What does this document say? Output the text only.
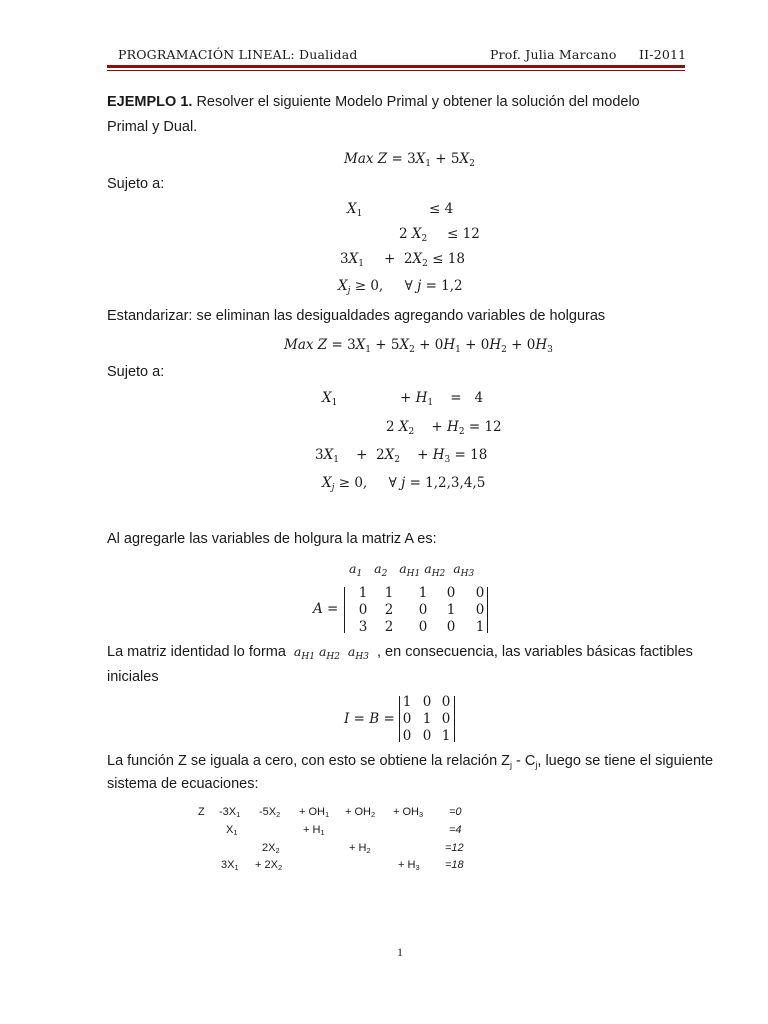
PROGRAMACIÓN LINEAL: Dualidad	Prof. Julia Marcano II-2011
EJEMPLO 1. Resolver el siguiente Modelo Primal y obtener la solución del modelo
Primal y Dual.
Max $Z = 3X_1 + 5X_2$
Sujeto a:
$X_1$	≤ 4
2 $X_2 \le 12$
$3X_1 + 2X_2 \le 18$
$X_j \ge 0$,     ∀ j = 1,2
Estandarizar: se eliminan las desigualdades agregando variables de holguras
Max $Z = 3X_1 + 5X_2 + 0H_1 + 0H_2 + 0H_3$
Sujeto a:
$X_1$	+ $H_1$    =   4
2 $X_2$    + $H_2 = 12$
$3X_1$    +  $2X_2$    + $H_3 = 18$
$X_j \ge 0$,     ∀ j = 1,2,3,4,5
Al agregarle las variables de holgura la matriz A es:
$a_1$   $a_2$   $a_{H1}$ $a_{H2}$  $a_{H3}$
A =
1 1 1 0 0
0 2 0 1 0
3 2 0 0 1
La matriz identidad lo forma  $a_{H1}$ $a_{H2}$  $a_{H3}$ , en consecuencia, las variables básicas factibles
iniciales
I = B =
1 0 0
0 1 0
0 0 1
La función Z se iguala a cero, con esto se obtiene la relación $Z_j - C_j$, luego se tiene el siguiente
sistema de ecuaciones:
Z $-3X_1$ $-5X_2 + OH_1 + OH_2 + OH_3 =0$
$X_1$	+ $H_1$	=4
$2X_2$	+ $H_2$	=12
$3X_1 + 2X_2$	+ $H_3 =18$
1
